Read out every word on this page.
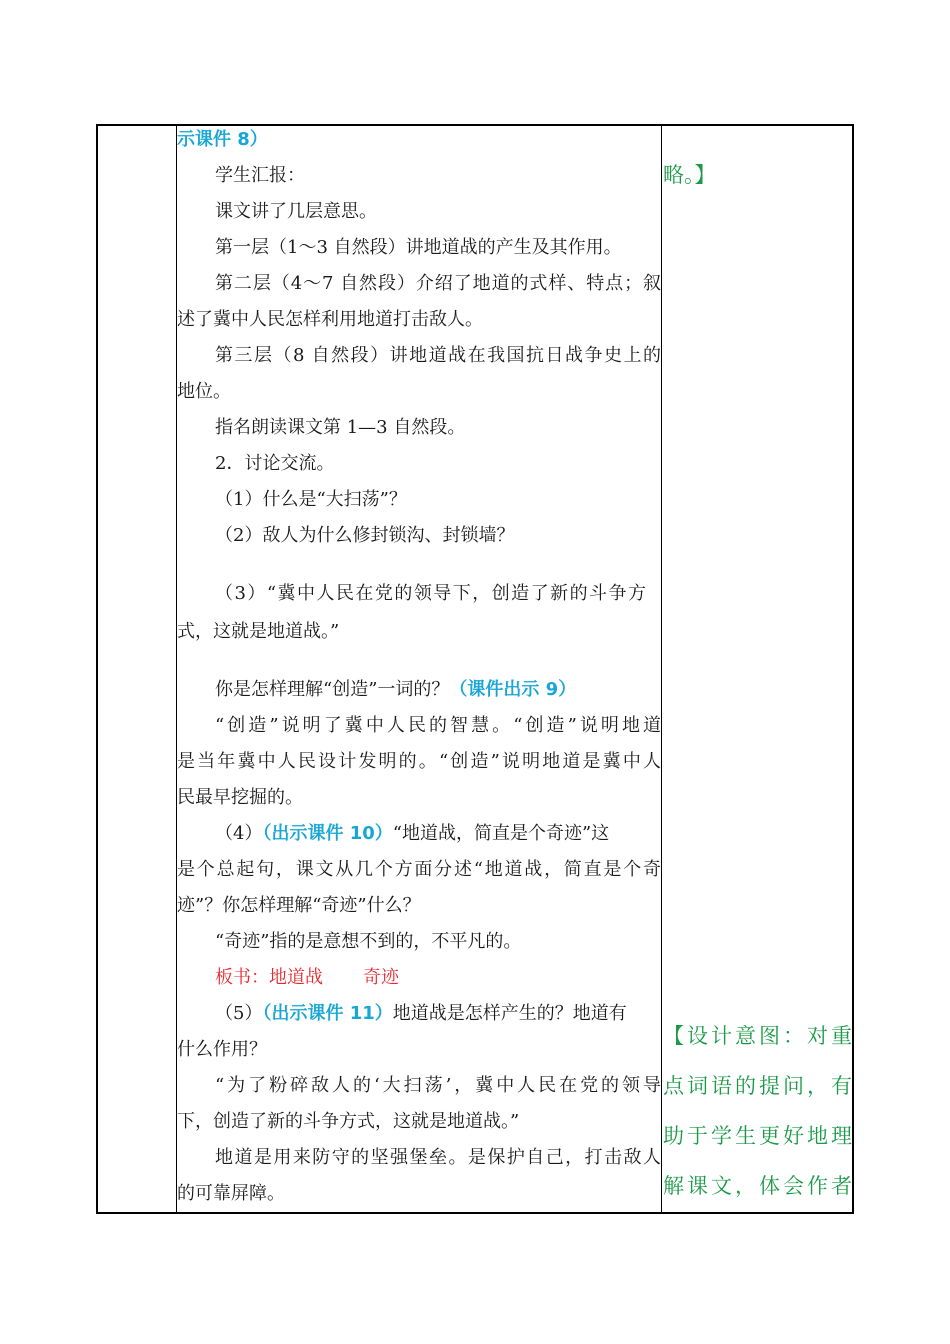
示课件 8）
学生汇报：
课文讲了几层意思。
第一层（1～3 自然段）讲地道战的产生及其作用。
第二层（4～7 自然段）介绍了地道的式样、特点；叙
述了冀中人民怎样利用地道打击敌人。
第三层（8 自然段）讲地道战在我国抗日战争史上的
地位。
指名朗读课文第 1—3 自然段。
2．讨论交流。
（1）什么是“大扫荡”？
（2）敌人为什么修封锁沟、封锁墙？
（3）“冀中人民在党的领导下，创造了新的斗争方
式，这就是地道战。”
你是怎样理解“创造”一词的？（课件出示 9）
“创造”说明了冀中人民的智慧。“创造”说明地道
是当年冀中人民设计发明的。“创造”说明地道是冀中人
民最早挖掘的。
（4）（出示课件 10）“地道战，简直是个奇迹”这
是个总起句，课文从几个方面分述“地道战，简直是个奇
迹”？你怎样理解“奇迹”什么？
“奇迹”指的是意想不到的，不平凡的。
板书：地道战 奇迹
（5）（出示课件 11）地道战是怎样产生的？地道有
什么作用？
“为了粉碎敌人的‘大扫荡’，冀中人民在党的领导
下，创造了新的斗争方式，这就是地道战。”
地道是用来防守的坚强堡垒。是保护自己，打击敌人
的可靠屏障。
略。】
【设计意图：对重
点词语的提问，有
助于学生更好地理
解课文，体会作者
